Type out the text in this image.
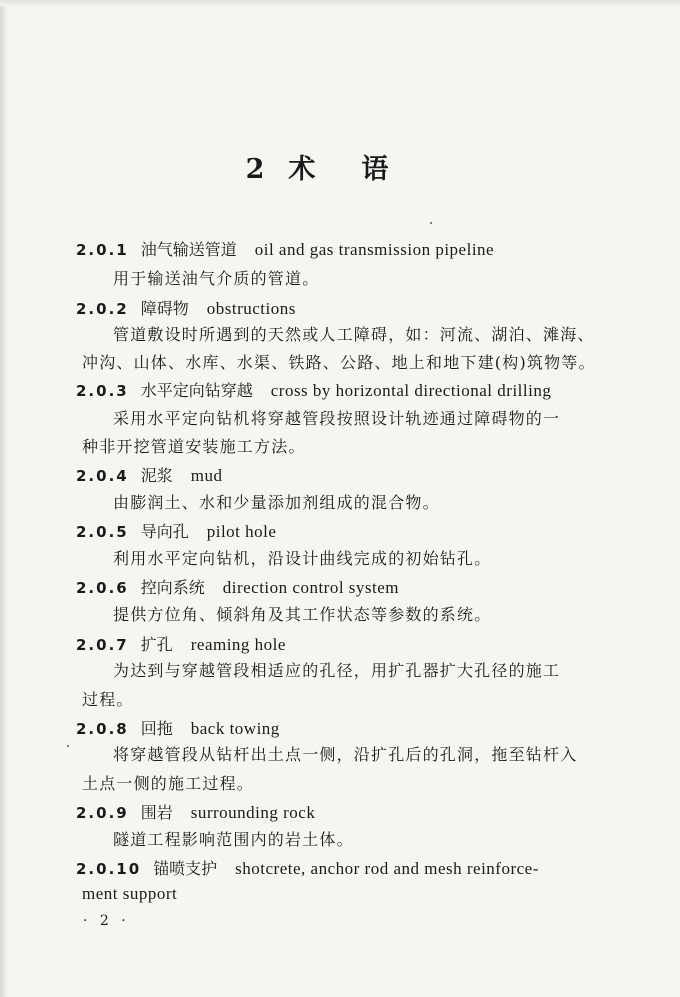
2 术语
2.0.1 油气输送管道 oil and gas transmission pipeline
用于输送油气介质的管道。
2.0.2 障碍物 obstructions
管道敷设时所遇到的天然或人工障碍，如：河流、湖泊、滩海、
冲沟、山体、水库、水渠、铁路、公路、地上和地下建(构)筑物等。
2.0.3 水平定向钻穿越 cross by horizontal directional drilling
采用水平定向钻机将穿越管段按照设计轨迹通过障碍物的一
种非开挖管道安装施工方法。
2.0.4 泥浆 mud
由膨润土、水和少量添加剂组成的混合物。
2.0.5 导向孔 pilot hole
利用水平定向钻机，沿设计曲线完成的初始钻孔。
2.0.6 控向系统 direction control system
提供方位角、倾斜角及其工作状态等参数的系统。
2.0.7 扩孔 reaming hole
为达到与穿越管段相适应的孔径，用扩孔器扩大孔径的施工
过程。
2.0.8 回拖 back towing
将穿越管段从钻杆出土点一侧，沿扩孔后的孔洞，拖至钻杆入
土点一侧的施工过程。
2.0.9 围岩 surrounding rock
隧道工程影响范围内的岩土体。
2.0.10 锚喷支护 shotcrete, anchor rod and mesh reinforce-
ment support
· 2 ·
